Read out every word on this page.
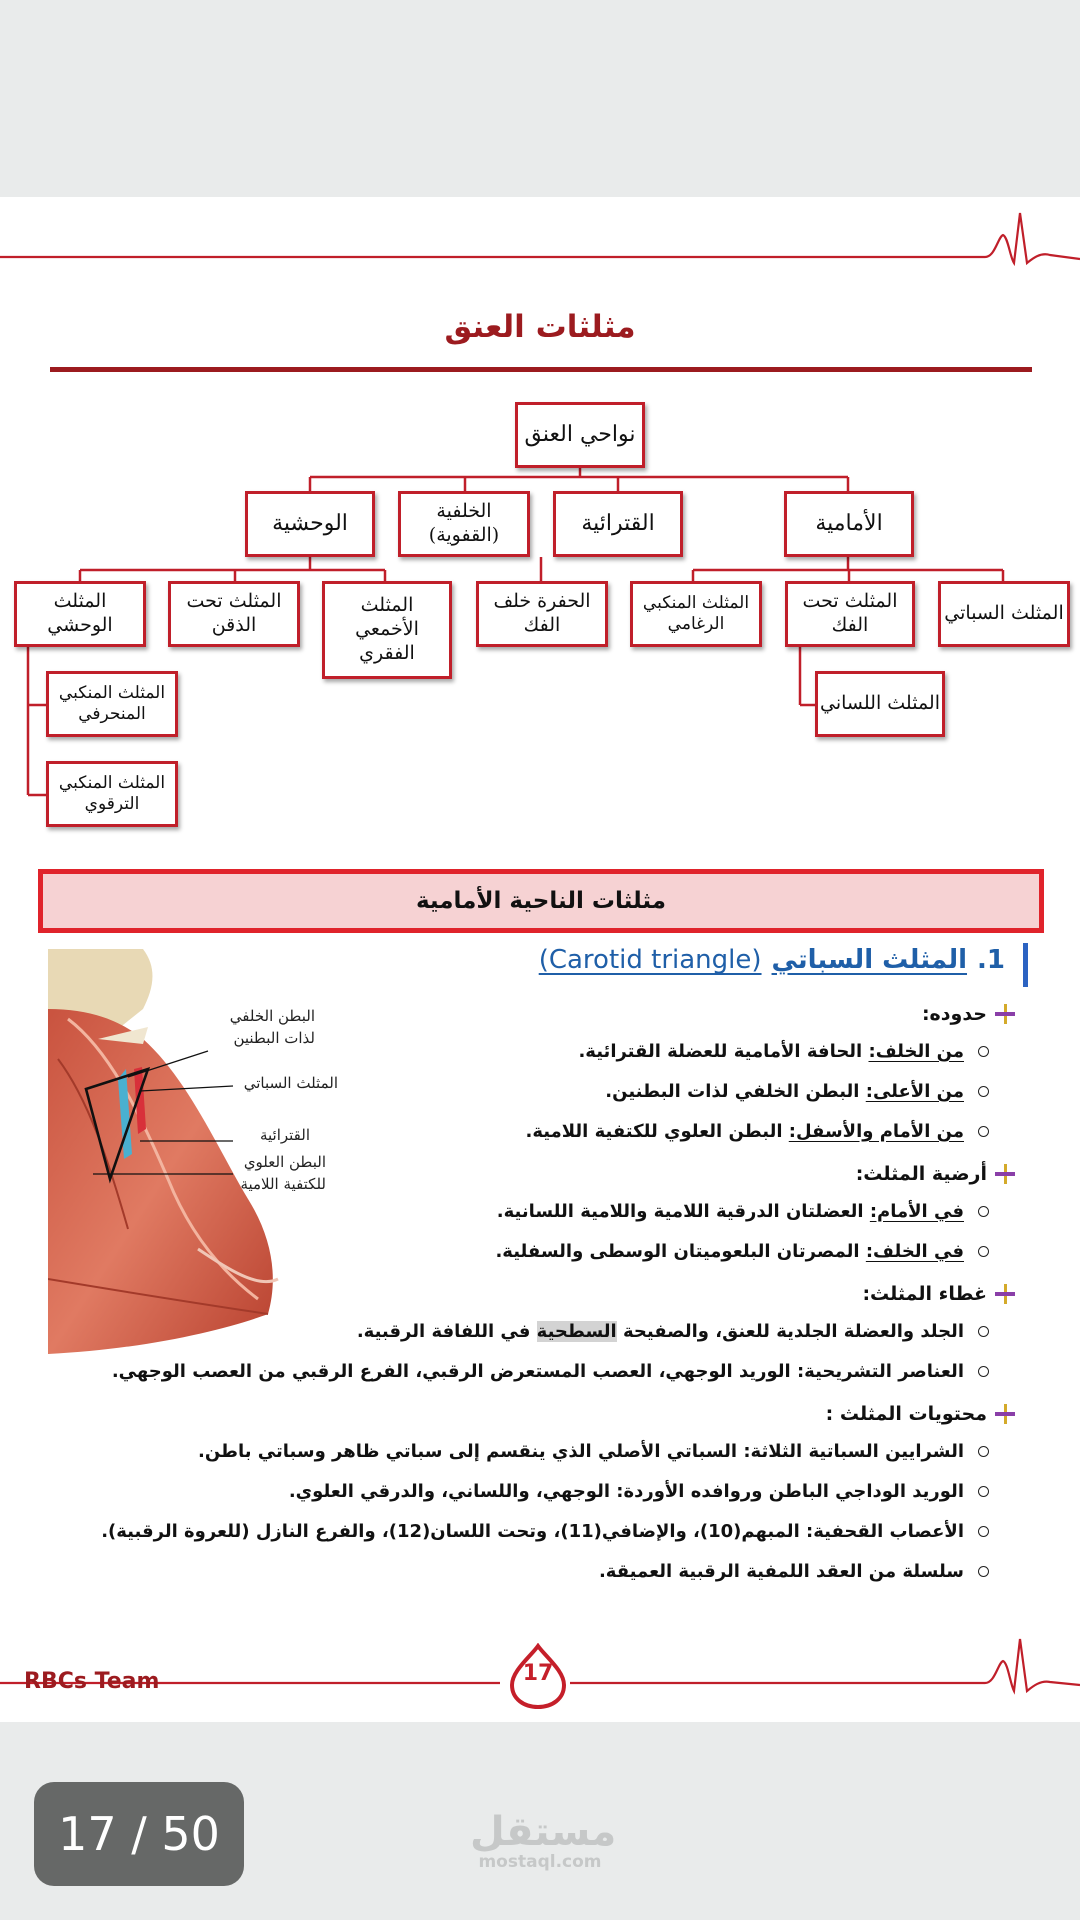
مثلثات العنق
نواحي العنق
الأمامية
القترائية
الخلفية (القفوية)
الوحشية
المثلث السباتي
المثلث تحت الفك
المثلث المنكبي الرغامي
الحفرة خلف الفك
المثلث الأخمعي الفقري
المثلث تحت الذقن
المثلث الوحشي
المثلث اللساني
المثلث المنكبي المنحرفي
المثلث المنكبي الترقوي
مثلثات الناحية الأمامية
1.
المثلث السباتي
(Carotid triangle)
البطن الخلفي
لذات البطنين
المثلث السباتي
القترائية
البطن العلوي
للكتفية اللامية
حدوده:
من الخلف: الحافة الأمامية للعضلة القترائية.
من الأعلى: البطن الخلفي لذات البطنين.
من الأمام والأسفل: البطن العلوي للكتفية اللامية.
أرضية المثلث:
في الأمام: العضلتان الدرقية اللامية واللامية اللسانية.
في الخلف: المصرتان البلعوميتان الوسطى والسفلية.
غطاء المثلث:
الجلد والعضلة الجلدية للعنق، والصفيحة السطحية في اللفافة الرقبية.
العناصر التشريحية: الوريد الوجهي، العصب المستعرض الرقبي، الفرع الرقبي من العصب الوجهي.
محتويات المثلث :
الشرايين السباتية الثلاثة: السباتي الأصلي الذي ينقسم إلى سباتي ظاهر وسباتي باطن.
الوريد الوداجي الباطن وروافده الأوردة: الوجهي، واللساني، والدرقي العلوي.
الأعصاب القحفية: المبهم(10)، والإضافي(11)، وتحت اللسان(12)، والفرع النازل (للعروة الرقبية).
سلسلة من العقد اللمفية الرقبية العميقة.
RBCs Team	17
17 / 50	مستقل
mostaql.com
